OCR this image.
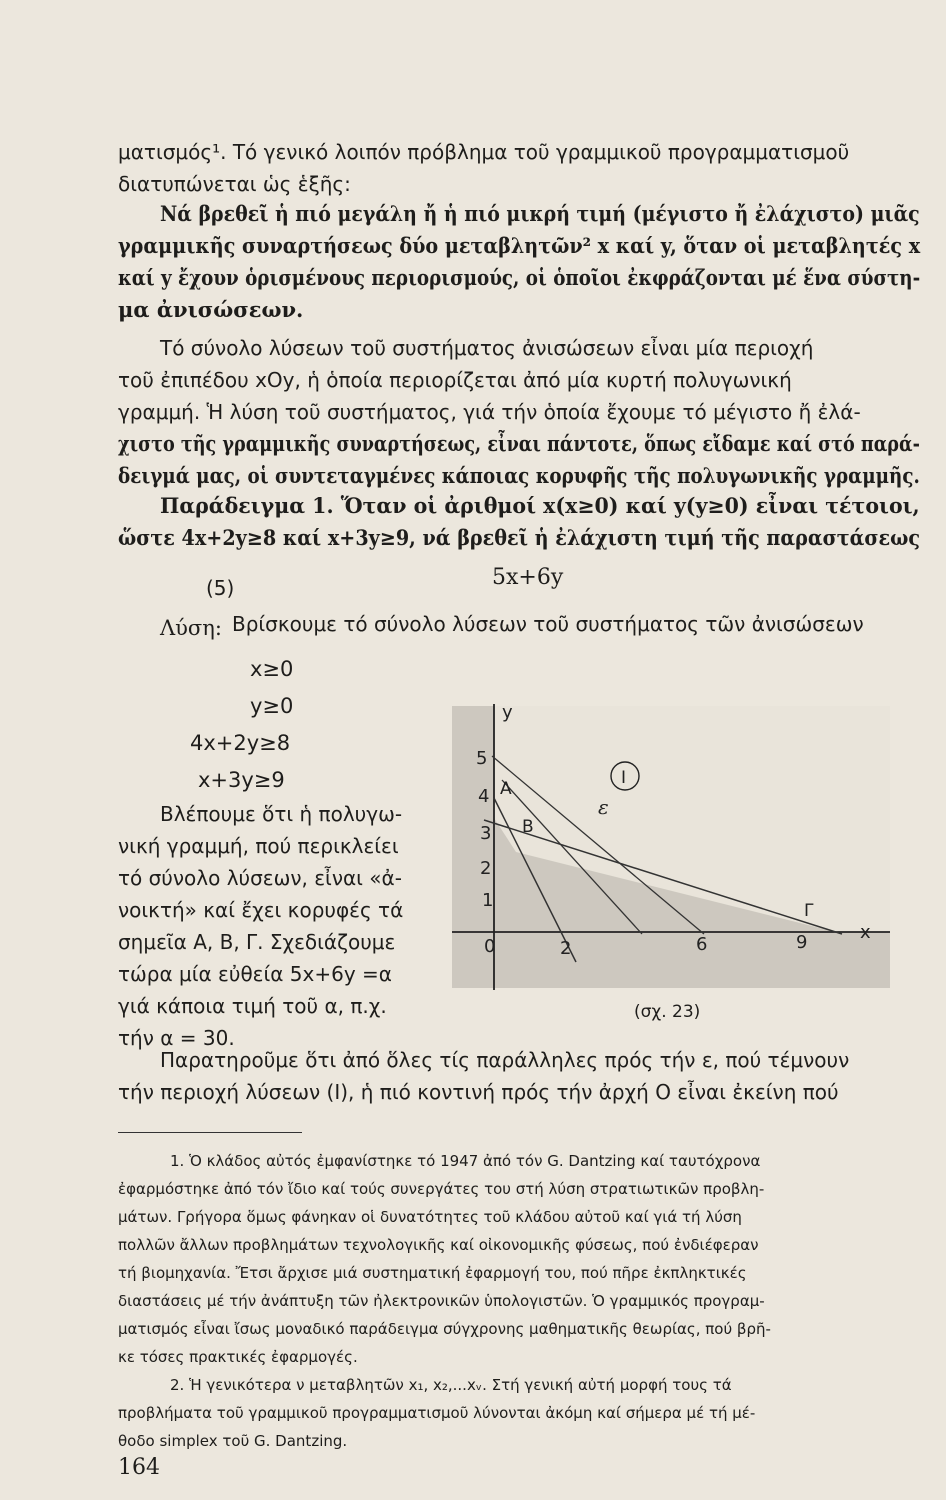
ματισμός¹. Τό γενικό λοιπόν πρόβλημα τοῦ γραμμικοῦ προγραμματισμοῦ
διατυπώνεται ὡς ἑξῆς:
Νά βρεθεῖ ἡ πιό μεγάλη ἤ ἡ πιό μικρή τιμή (μέγιστο ἤ ἐλάχιστο) μιᾶς
γραμμικῆς συναρτήσεως δύο μεταβλητῶν² x καί y, ὅταν οἱ μεταβλητές x
καί y ἔχουν ὁρισμένους περιορισμούς, οἱ ὁποῖοι ἐκφράζονται μέ ἕνα σύστη-
μα ἀνισώσεων.
Τό σύνολο λύσεων τοῦ συστήματος ἀνισώσεων εἶναι μία περιοχή
τοῦ ἐπιπέδου xOy, ἡ ὁποία περιορίζεται ἀπό μία κυρτή πολυγωνική
γραμμή. Ἡ λύση τοῦ συστήματος, γιά τήν ὁποία ἔχουμε τό μέγιστο ἤ ἐλά-
χιστο τῆς γραμμικῆς συναρτήσεως, εἶναι πάντοτε, ὅπως εἴδαμε καί στό παρά-
δειγμά μας, οἱ συντεταγμένες κάποιας κορυφῆς τῆς πολυγωνικῆς γραμμῆς.
Παράδειγμα 1. Ὅταν οἱ ἀριθμοί x(x≥0) καί y(y≥0) εἶναι τέτοιοι,
ὥστε 4x+2y≥8 καί x+3y≥9, νά βρεθεῖ ἡ ἐλάχιστη τιμή τῆς παραστάσεως
(5)	5x+6y
Λύση: Βρίσκουμε τό σύνολο λύσεων τοῦ συστήματος τῶν ἀνισώσεων
x≥0
y≥0
4x+2y≥8
x+3y≥9
Βλέπουμε ὅτι ἡ πολυγω-
νική γραμμή, πού περικλείει
τό σύνολο λύσεων, εἶναι «ἀ-
νοικτή» καί ἔχει κορυφές τά
σημεῖα Α, Β, Γ. Σχεδιάζουμε
τώρα μία εὐθεία 5x+6y =α
γιά κάποια τιμή τοῦ α, π.χ.
τήν α = 30.
5
4
3
2
1
0	2	6	9
y
x
A
B
Γ
ε
I
(σχ. 23)
Παρατηροῦμε ὅτι ἀπό ὅλες τίς παράλληλες πρός τήν ε, πού τέμνουν
τήν περιοχή λύσεων (I), ἡ πιό κοντινή πρός τήν ἀρχή Ο εἶναι ἐκείνη πού
1. Ὁ κλάδος αὐτός ἐμφανίστηκε τό 1947 ἀπό τόν G. Dantzing καί ταυτόχρονα
ἐφαρμόστηκε ἀπό τόν ἴδιο καί τούς συνεργάτες του στή λύση στρατιωτικῶν προβλη-
μάτων. Γρήγορα ὅμως φάνηκαν οἱ δυνατότητες τοῦ κλάδου αὐτοῦ καί γιά τή λύση
πολλῶν ἄλλων προβλημάτων τεχνολογικῆς καί οἰκονομικῆς φύσεως, πού ἐνδιέφεραν
τή βιομηχανία. Ἔτσι ἄρχισε μιά συστηματική ἐφαρμογή του, πού πῆρε ἐκπληκτικές
διαστάσεις μέ τήν ἀνάπτυξη τῶν ἠλεκτρονικῶν ὑπολογιστῶν. Ὁ γραμμικός προγραμ-
ματισμός εἶναι ἴσως μοναδικό παράδειγμα σύγχρονης μαθηματικῆς θεωρίας, πού βρῆ-
κε τόσες πρακτικές ἐφαρμογές.
2. Ἡ γενικότερα ν μεταβλητῶν x₁, x₂,...xᵥ. Στή γενική αὐτή μορφή τους τά
προβλήματα τοῦ γραμμικοῦ προγραμματισμοῦ λύνονται ἀκόμη καί σήμερα μέ τή μέ-
θοδο simplex τοῦ G. Dantzing.
164
